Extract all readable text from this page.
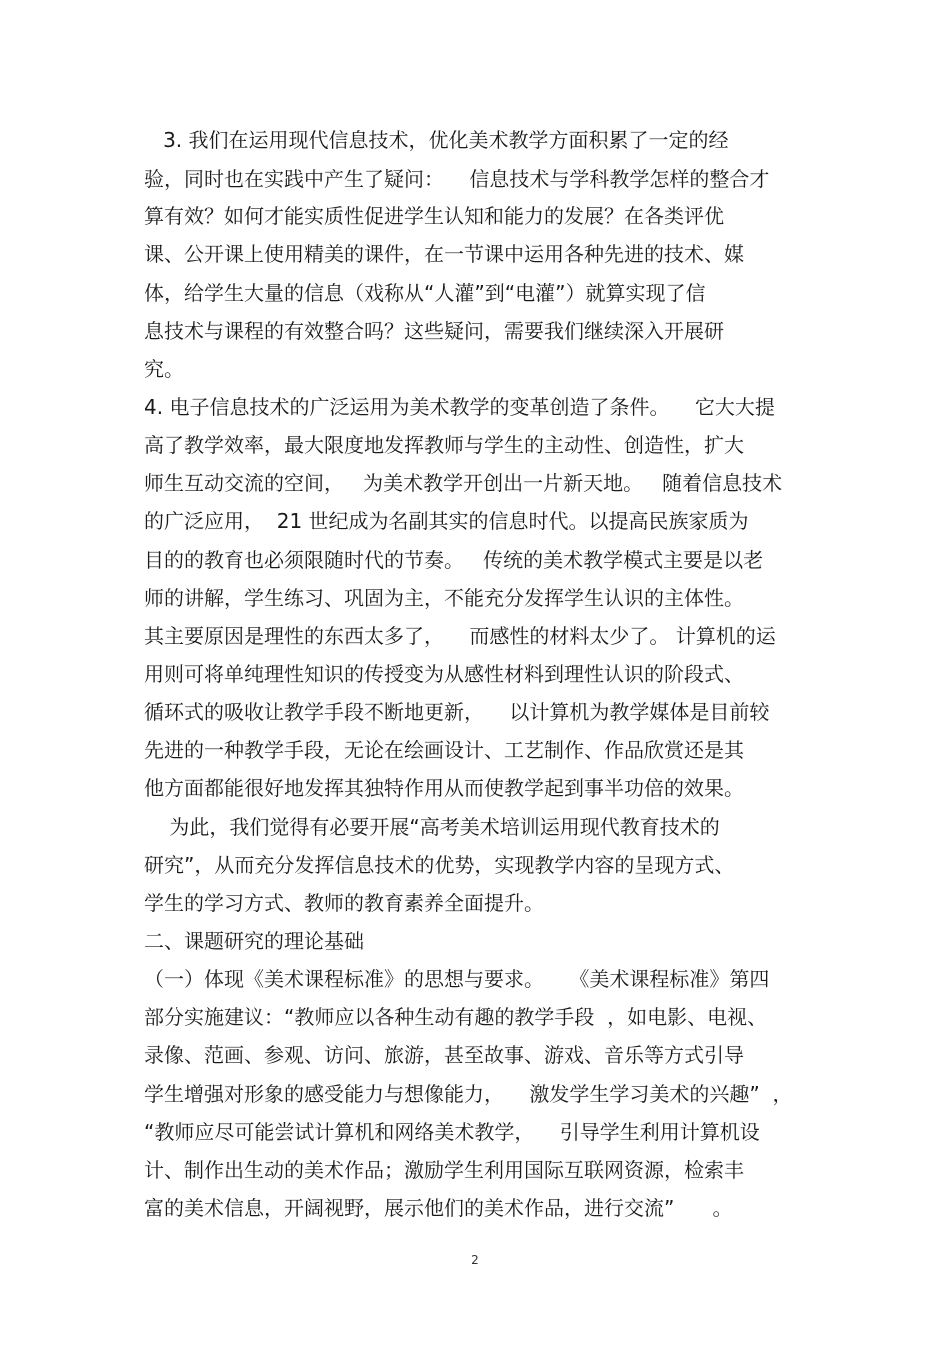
3. 我们在运用现代信息技术，优化美术教学方面积累了一定的经
验，同时也在实践中产生了疑问：    信息技术与学科教学怎样的整合才
算有效？如何才能实质性促进学生认知和能力的发展？在各类评优
课、公开课上使用精美的课件，在一节课中运用各种先进的技术、媒
体，给学生大量的信息（戏称从“人灌”到“电灌”）就算实现了信
息技术与课程的有效整合吗？这些疑问，需要我们继续深入开展研
究。
4. 电子信息技术的广泛运用为美术教学的变革创造了条件。    它大大提
高了教学效率，最大限度地发挥教师与学生的主动性、创造性，扩大
师生互动交流的空间，   为美术教学开创出一片新天地。   随着信息技术
的广泛应用，  21 世纪成为名副其实的信息时代。以提高民族家质为
目的的教育也必须限随时代的节奏。   传统的美术教学模式主要是以老
师的讲解，学生练习、巩固为主，不能充分发挥学生认识的主体性。
其主要原因是理性的东西太多了，    而感性的材料太少了。 计算机的运
用则可将单纯理性知识的传授变为从感性材料到理性认识的阶段式、
循环式的吸收让教学手段不断地更新，    以计算机为教学媒体是目前较
先进的一种教学手段，无论在绘画设计、工艺制作、作品欣赏还是其
他方面都能很好地发挥其独特作用从而使教学起到事半功倍的效果。
为此，我们觉得有必要开展“高考美术培训运用现代教育技术的
研究”，从而充分发挥信息技术的优势，实现教学内容的呈现方式、
学生的学习方式、教师的教育素养全面提升。
二、课题研究的理论基础
（一）体现《美术课程标准》的思想与要求。    《美术课程标准》第四
部分实施建议：“教师应以各种生动有趣的教学手段  ，如电影、电视、
录像、范画、参观、访问、旅游，甚至故事、游戏、音乐等方式引导
学生增强对形象的感受能力与想像能力，    激发学生学习美术的兴趣”  ，
“教师应尽可能尝试计算机和网络美术教学，    引导学生利用计算机设
计、制作出生动的美术作品；激励学生利用国际互联网资源，检索丰
富的美术信息，开阔视野，展示他们的美术作品，进行交流”      。
2
